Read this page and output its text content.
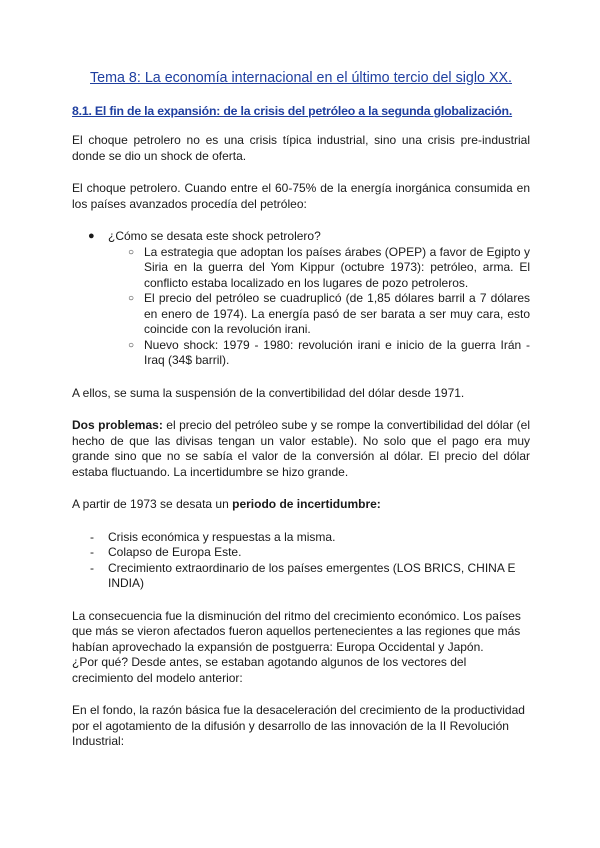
Tema 8: La economía internacional en el último tercio del siglo XX.
8.1. El fin de la expansión: de la crisis del petróleo a la segunda globalización.

El choque petrolero no es una crisis típica industrial, sino una crisis pre-industrial donde se dio un shock de oferta.

El choque petrolero. Cuando entre el 60-75% de la energía inorgánica consumida en los países avanzados procedía del petróleo:

● ¿Cómo se desata este shock petrolero?
○ La estrategia que adoptan los países árabes (OPEP) a favor de Egipto y Siria en la guerra del Yom Kippur (octubre 1973): petróleo, arma. El conflicto estaba localizado en los lugares de pozo petroleros.
○ El precio del petróleo se cuadruplicó (de 1,85 dólares barril a 7 dólares en enero de 1974). La energía pasó de ser barata a ser muy cara, esto coincide con la revolución irani.
○ Nuevo shock: 1979 - 1980: revolución irani e inicio de la guerra Irán - Iraq (34$ barril).

A ellos, se suma la suspensión de la convertibilidad del dólar desde 1971.

Dos problemas: el precio del petróleo sube y se rompe la convertibilidad del dólar (el hecho de que las divisas tengan un valor estable). No solo que el pago era muy grande sino que no se sabía el valor de la conversión al dólar. El precio del dólar estaba fluctuando. La incertidumbre se hizo grande.

A partir de 1973 se desata un periodo de incertidumbre:

- Crisis económica y respuestas a la misma.
- Colapso de Europa Este.
- Crecimiento extraordinario de los países emergentes (LOS BRICS, CHINA E INDIA)

La consecuencia fue la disminución del ritmo del crecimiento económico. Los países que más se vieron afectados fueron aquellos pertenecientes a las regiones que más habían aprovechado la expansión de postguerra: Europa Occidental y Japón.

¿Por qué? Desde antes, se estaban agotando algunos de los vectores del crecimiento del modelo anterior:

En el fondo, la razón básica fue la desaceleración del crecimiento de la productividad por el agotamiento de la difusión y desarrollo de las innovación de la II Revolución Industrial:
